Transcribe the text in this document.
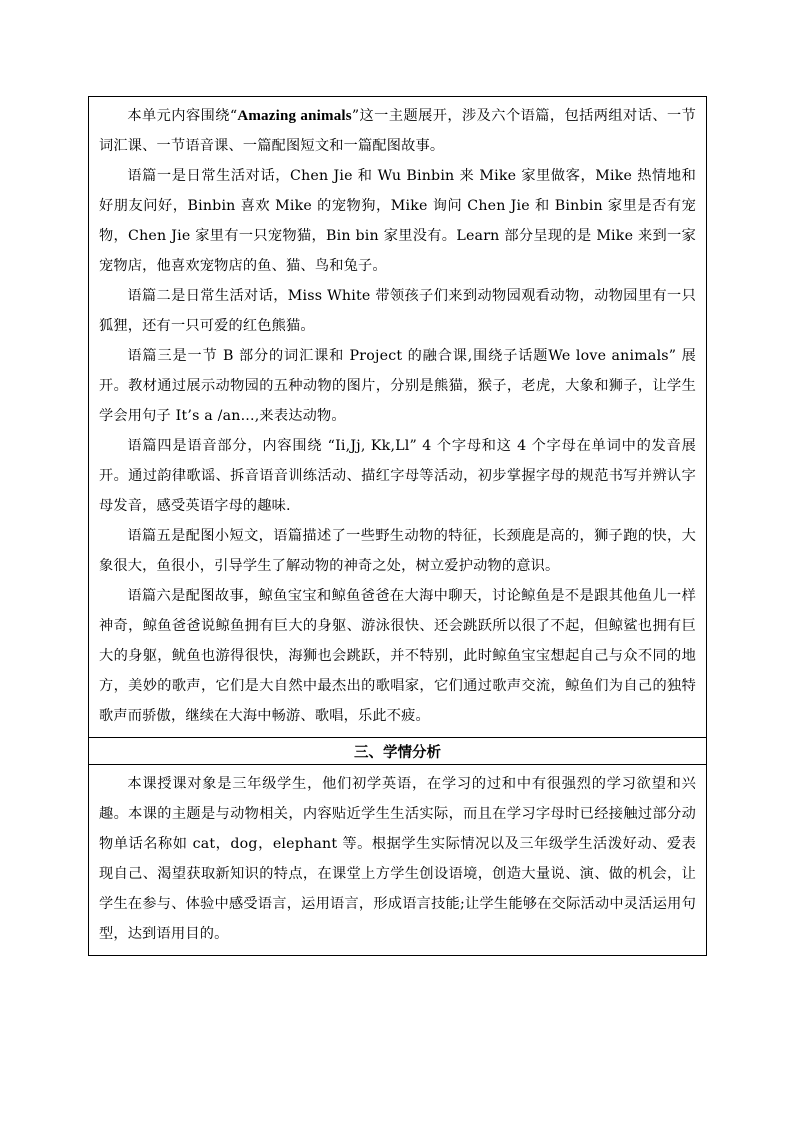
本单元内容围绕“Amazing animals”这一主题展开，涉及六个语篇，包括两组对话、一节词汇课、一节语音课、一篇配图短文和一篇配图故事。

语篇一是日常生活对话，Chen Jie 和 Wu Binbin 来 Mike 家里做客，Mike 热情地和好朋友问好，Binbin 喜欢 Mike 的宠物狗，Mike 询问 Chen Jie 和 Binbin 家里是否有宠物，Chen Jie 家里有一只宠物猫，Bin bin 家里没有。Learn 部分呈现的是 Mike 来到一家宠物店，他喜欢宠物店的鱼、猫、鸟和兔子。

语篇二是日常生活对话，Miss White 带领孩子们来到动物园观看动物，动物园里有一只狐狸，还有一只可爱的红色熊猫。

语篇三是一节 B 部分的词汇课和 Project 的融合课,围绕子话题We love animals” 展开。教材通过展示动物园的五种动物的图片，分别是熊猫，猴子，老虎，大象和狮子，让学生学会用句子 It’s a /an...,来表达动物。

语篇四是语音部分，内容围绕 “Ii,Jj, Kk,Ll” 4 个字母和这 4 个字母在单词中的发音展开。通过韵律歌谣、拆音语音训练活动、描红字母等活动，初步掌握字母的规范书写并辨认字母发音，感受英语字母的趣味.

语篇五是配图小短文，语篇描述了一些野生动物的特征，长颈鹿是高的，狮子跑的快，大象很大，鱼很小，引导学生了解动物的神奇之处，树立爱护动物的意识。

语篇六是配图故事，鲸鱼宝宝和鲸鱼爸爸在大海中聊天，讨论鲸鱼是不是跟其他鱼儿一样神奇，鲸鱼爸爸说鲸鱼拥有巨大的身躯、游泳很快、还会跳跃所以很了不起，但鲸鲨也拥有巨大的身躯，鱿鱼也游得很快，海狮也会跳跃，并不特别，此时鲸鱼宝宝想起自己与众不同的地方，美妙的歌声，它们是大自然中最杰出的歌唱家，它们通过歌声交流，鲸鱼们为自己的独特歌声而骄傲，继续在大海中畅游、歌唱，乐此不疲。

三、学情分析

本课授课对象是三年级学生，他们初学英语，在学习的过和中有很强烈的学习欲望和兴趣。本课的主题是与动物相关，内容贴近学生生活实际，而且在学习字母时已经接触过部分动物单话名称如 cat，dog，elephant 等。根据学生实际情况以及三年级学生活泼好动、爱表现自己、渴望获取新知识的特点，在课堂上方学生创设语境，创造大量说、演、做的机会，让学生在参与、体验中感受语言，运用语言，形成语言技能;让学生能够在交际活动中灵活运用句型，达到语用目的。
